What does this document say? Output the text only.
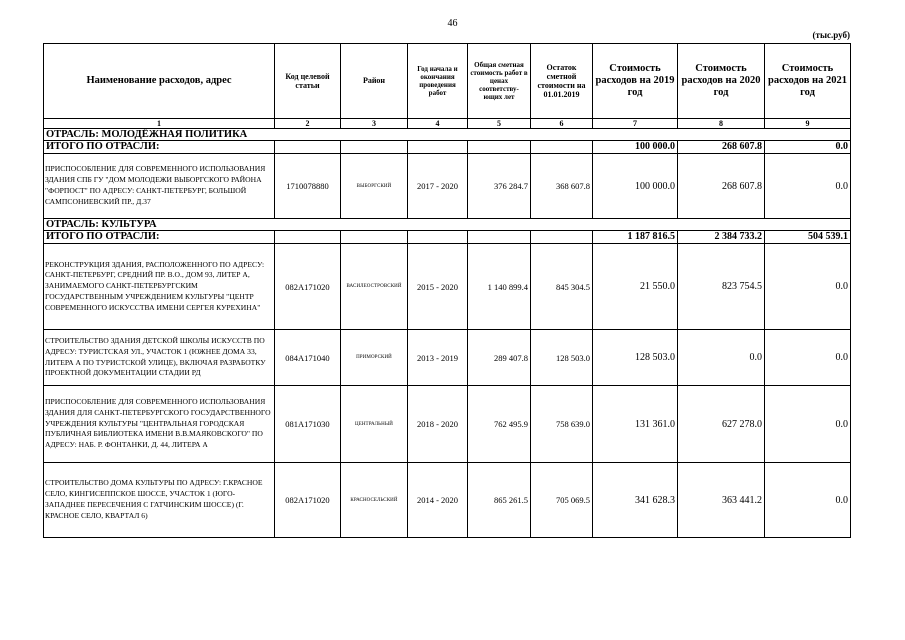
46
(тыс.руб)
Наименование расходов, адрес	Код целевой статьи	Район	Год начала и окончания проведения работ	Общая сметная стоимость работ в ценах соответству-ющих лет	Остаток сметной стоимости на 01.01.2019	Стоимость расходов на 2019 год	Стоимость расходов на 2020 год	Стоимость расходов на 2021 год
1	2	3	4	5	6	7	8	9
ОТРАСЛЬ: МОЛОДЁЖНАЯ ПОЛИТИКА								
ИТОГО ПО ОТРАСЛИ:						100 000.0	268 607.8	0.0
ПРИСПОСОБЛЕНИЕ ДЛЯ СОВРЕМЕННОГО ИСПОЛЬЗОВАНИЯ ЗДАНИЯ СПБ ГУ "ДОМ МОЛОДЕЖИ ВЫБОРГСКОГО РАЙОНА "ФОРПОСТ" ПО АДРЕСУ: САНКТ-ПЕТЕРБУРГ, БОЛЬШОЙ САМПСОНИЕВСКИЙ ПР., Д.37	1710078880	ВЫБОРГСКИЙ	2017 - 2020	376 284.7	368 607.8	100 000.0	268 607.8	0.0
ОТРАСЛЬ: КУЛЬТУРА								
ИТОГО ПО ОТРАСЛИ:						1 187 816.5	2 384 733.2	504 539.1
РЕКОНСТРУКЦИЯ ЗДАНИЯ, РАСПОЛОЖЕННОГО ПО АДРЕСУ: САНКТ-ПЕТЕРБУРГ, СРЕДНИЙ ПР. В.О., ДОМ 93, ЛИТЕР А, ЗАНИМАЕМОГО САНКТ-ПЕТЕРБУРГСКИМ ГОСУДАРСТВЕННЫМ УЧРЕЖДЕНИЕМ КУЛЬТУРЫ "ЦЕНТР СОВРЕМЕННОГО ИСКУССТВА ИМЕНИ СЕРГЕЯ КУРЕХИНА"	082А171020	ВАСИЛЕОСТРОВСКИЙ	2015 - 2020	1 140 899.4	845 304.5	21 550.0	823 754.5	0.0
СТРОИТЕЛЬСТВО ЗДАНИЯ ДЕТСКОЙ ШКОЛЫ ИСКУССТВ ПО АДРЕСУ: ТУРИСТСКАЯ УЛ., УЧАСТОК 1 (ЮЖНЕЕ ДОМА 33, ЛИТЕРА А ПО ТУРИСТСКОЙ УЛИЦЕ), ВКЛЮЧАЯ РАЗРАБОТКУ ПРОЕКТНОЙ ДОКУМЕНТАЦИИ СТАДИИ РД	084А171040	ПРИМОРСКИЙ	2013 - 2019	289 407.8	128 503.0	128 503.0	0.0	0.0
ПРИСПОСОБЛЕНИЕ ДЛЯ СОВРЕМЕННОГО ИСПОЛЬЗОВАНИЯ ЗДАНИЯ ДЛЯ САНКТ-ПЕТЕРБУРГСКОГО ГОСУДАРСТВЕННОГО УЧРЕЖДЕНИЯ КУЛЬТУРЫ "ЦЕНТРАЛЬНАЯ ГОРОДСКАЯ ПУБЛИЧНАЯ БИБЛИОТЕКА ИМЕНИ В.В.МАЯКОВСКОГО" ПО АДРЕСУ: НАБ. Р. ФОНТАНКИ, Д. 44, ЛИТЕРА А	081А171030	ЦЕНТРАЛЬНЫЙ	2018 - 2020	762 495.9	758 639.0	131 361.0	627 278.0	0.0
СТРОИТЕЛЬСТВО ДОМА КУЛЬТУРЫ ПО АДРЕСУ: Г.КРАСНОЕ СЕЛО, КИНГИСЕППСКОЕ ШОССЕ, УЧАСТОК 1 (ЮГО-ЗАПАДНЕЕ ПЕРЕСЕЧЕНИЯ С ГАТЧИНСКИМ ШОССЕ) (Г. КРАСНОЕ СЕЛО, КВАРТАЛ 6)	082А171020	КРАСНОСЕЛЬСКИЙ	2014 - 2020	865 261.5	705 069.5	341 628.3	363 441.2	0.0
